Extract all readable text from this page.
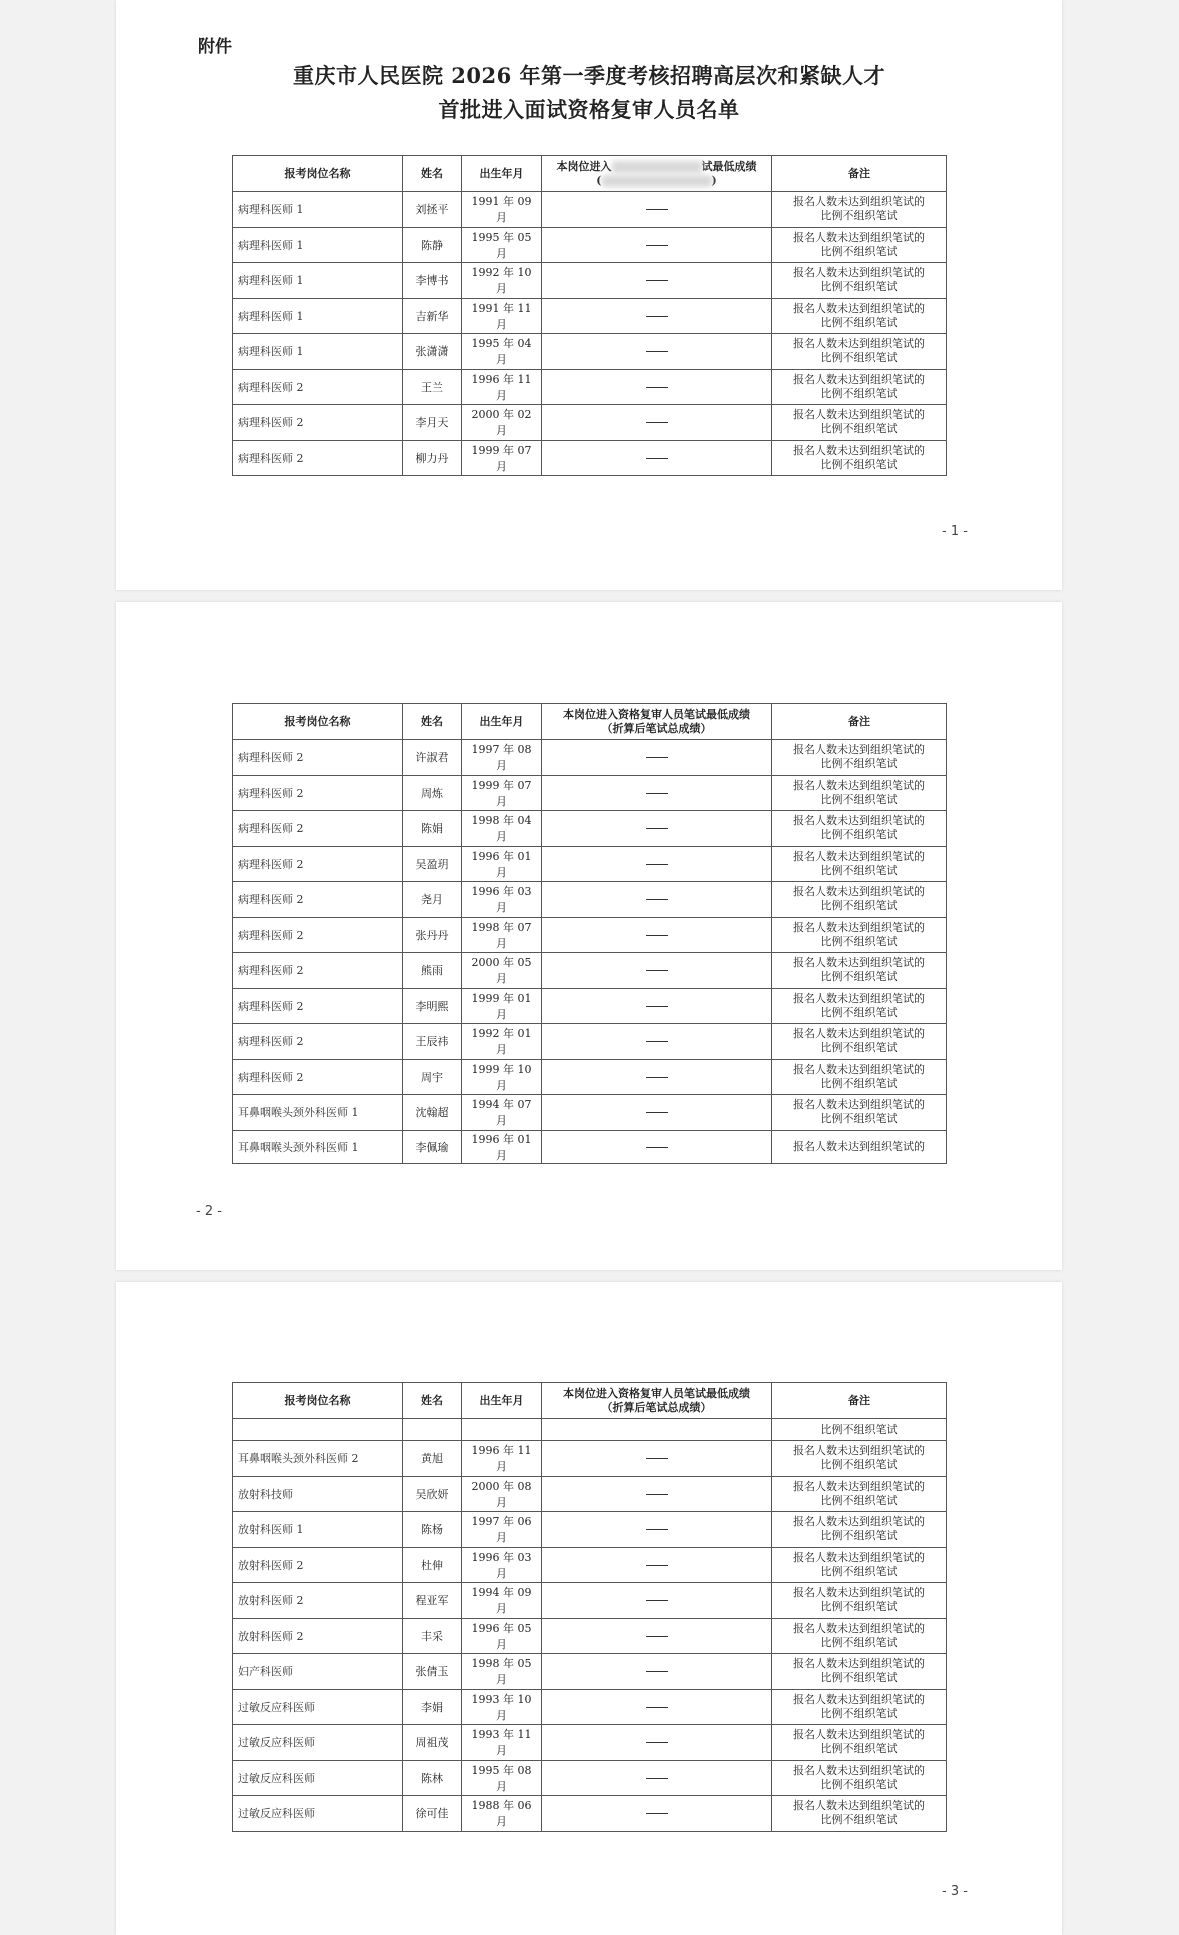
附件
重庆市人民医院 2026 年第一季度考核招聘高层次和紧缺人才
首批进入面试资格复审人员名单
报考岗位名称	姓名	出生年月	本岗位进入 试最低成绩
( )	备注
病理科医师 1	刘拯平	1991 年 09 月		报名人数未达到组织笔试的
比例不组织笔试

病理科医师 1	陈静	1995 年 05 月		报名人数未达到组织笔试的
比例不组织笔试

病理科医师 1	李博书	1992 年 10 月		报名人数未达到组织笔试的
比例不组织笔试

病理科医师 1	吉新华	1991 年 11 月		报名人数未达到组织笔试的
比例不组织笔试

病理科医师 1	张潇潇	1995 年 04 月		报名人数未达到组织笔试的
比例不组织笔试

病理科医师 2	王兰	1996 年 11 月		报名人数未达到组织笔试的
比例不组织笔试

病理科医师 2	李月天	2000 年 02 月		报名人数未达到组织笔试的
比例不组织笔试

病理科医师 2	柳力丹	1999 年 07 月		报名人数未达到组织笔试的
比例不组织笔试
- 1 -
报考岗位名称	姓名	出生年月	本岗位进入资格复审人员笔试最低成绩
（折算后笔试总成绩）	备注
病理科医师 2	许淑君	1997 年 08 月		报名人数未达到组织笔试的
比例不组织笔试

病理科医师 2	周炼	1999 年 07 月		报名人数未达到组织笔试的
比例不组织笔试

病理科医师 2	陈娟	1998 年 04 月		报名人数未达到组织笔试的
比例不组织笔试

病理科医师 2	吴盈玥	1996 年 01 月		报名人数未达到组织笔试的
比例不组织笔试

病理科医师 2	尧月	1996 年 03 月		报名人数未达到组织笔试的
比例不组织笔试

病理科医师 2	张丹丹	1998 年 07 月		报名人数未达到组织笔试的
比例不组织笔试

病理科医师 2	熊雨	2000 年 05 月		报名人数未达到组织笔试的
比例不组织笔试

病理科医师 2	李明熙	1999 年 01 月		报名人数未达到组织笔试的
比例不组织笔试

病理科医师 2	王辰祎	1992 年 01 月		报名人数未达到组织笔试的
比例不组织笔试

病理科医师 2	周宇	1999 年 10 月		报名人数未达到组织笔试的
比例不组织笔试

耳鼻咽喉头颈外科医师 1	沈翰超	1994 年 07 月		报名人数未达到组织笔试的
比例不组织笔试

耳鼻咽喉头颈外科医师 1	李佩瑜	1996 年 01 月		报名人数未达到组织笔试的
- 2 -
报考岗位名称	姓名	出生年月	本岗位进入资格复审人员笔试最低成绩
（折算后笔试总成绩）	备注
				比例不组织笔试
耳鼻咽喉头颈外科医师 2	黄旭	1996 年 11 月		报名人数未达到组织笔试的
比例不组织笔试

放射科技师	吴欣妍	2000 年 08 月		报名人数未达到组织笔试的
比例不组织笔试

放射科医师 1	陈杨	1997 年 06 月		报名人数未达到组织笔试的
比例不组织笔试

放射科医师 2	杜伸	1996 年 03 月		报名人数未达到组织笔试的
比例不组织笔试

放射科医师 2	程亚军	1994 年 09 月		报名人数未达到组织笔试的
比例不组织笔试

放射科医师 2	丰采	1996 年 05 月		报名人数未达到组织笔试的
比例不组织笔试

妇产科医师	张倩玉	1998 年 05 月		报名人数未达到组织笔试的
比例不组织笔试

过敏反应科医师	李娟	1993 年 10 月		报名人数未达到组织笔试的
比例不组织笔试

过敏反应科医师	周祖茂	1993 年 11 月		报名人数未达到组织笔试的
比例不组织笔试

过敏反应科医师	陈林	1995 年 08 月		报名人数未达到组织笔试的
比例不组织笔试

过敏反应科医师	徐可佳	1988 年 06 月		报名人数未达到组织笔试的
比例不组织笔试
- 3 -
